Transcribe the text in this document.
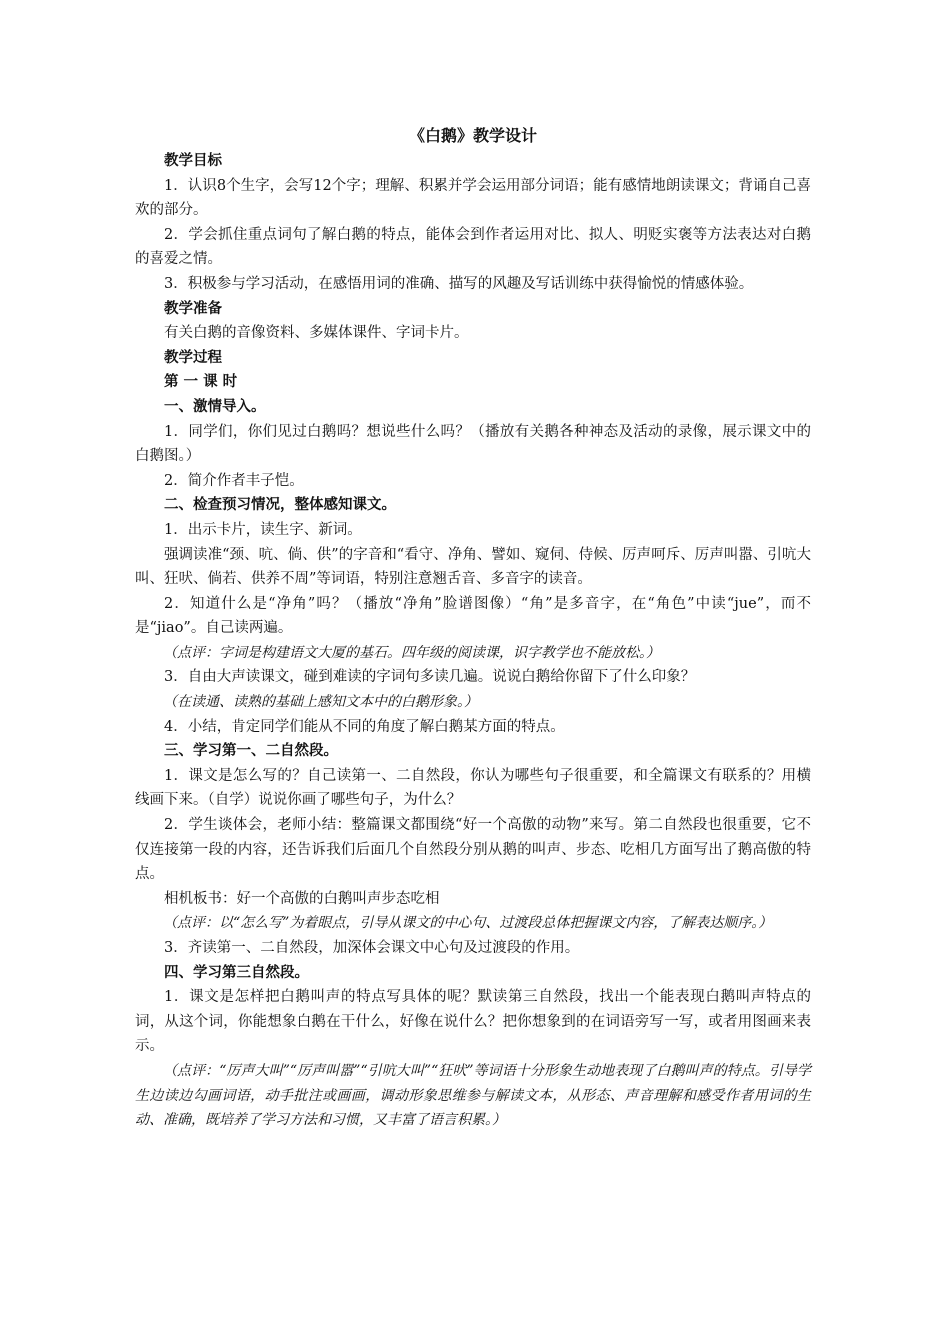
《白鹅》教学设计
教学目标
1．认识8个生字，会写12个字；理解、积累并学会运用部分词语；能有感情地朗读课文；背诵自己喜欢的部分。
2．学会抓住重点词句了解白鹅的特点，能体会到作者运用对比、拟人、明贬实褒等方法表达对白鹅的喜爱之情。
3．积极参与学习活动，在感悟用词的准确、描写的风趣及写话训练中获得愉悦的情感体验。
教学准备
有关白鹅的音像资料、多媒体课件、字词卡片。
教学过程
第 一 课 时
一、激情导入。
1．同学们，你们见过白鹅吗？想说些什么吗？（播放有关鹅各种神态及活动的录像，展示课文中的白鹅图。）
2．简介作者丰子恺。
二、检查预习情况，整体感知课文。
1．出示卡片，读生字、新词。
强调读准“颈、吭、倘、供”的字音和“看守、净角、譬如、窥伺、侍候、厉声呵斥、厉声叫嚣、引吭大叫、狂吠、倘若、供养不周”等词语，特别注意翘舌音、多音字的读音。
2．知道什么是“净角”吗？（播放“净角”脸谱图像）“角”是多音字，在“角色”中读“jue”，而不是“jiao”。自己读两遍。
（点评：字词是构建语文大厦的基石。四年级的阅读课，识字教学也不能放松。）
3．自由大声读课文，碰到难读的字词句多读几遍。说说白鹅给你留下了什么印象？
（在读通、读熟的基础上感知文本中的白鹅形象。）
4．小结，肯定同学们能从不同的角度了解白鹅某方面的特点。
三、学习第一、二自然段。
1．课文是怎么写的？自己读第一、二自然段，你认为哪些句子很重要，和全篇课文有联系的？用横线画下来。（自学）说说你画了哪些句子，为什么？
2．学生谈体会，老师小结：整篇课文都围绕“好一个高傲的动物”来写。第二自然段也很重要，它不仅连接第一段的内容，还告诉我们后面几个自然段分别从鹅的叫声、步态、吃相几方面写出了鹅高傲的特点。
相机板书：好一个高傲的白鹅叫声步态吃相
（点评：以“怎么写”为着眼点，引导从课文的中心句、过渡段总体把握课文内容，了解表达顺序。）
3．齐读第一、二自然段，加深体会课文中心句及过渡段的作用。
四、学习第三自然段。
1．课文是怎样把白鹅叫声的特点写具体的呢？默读第三自然段，找出一个能表现白鹅叫声特点的词，从这个词，你能想象白鹅在干什么，好像在说什么？把你想象到的在词语旁写一写，或者用图画来表示。
（点评：“厉声大叫”“厉声叫嚣”“引吭大叫”“狂吠”等词语十分形象生动地表现了白鹅叫声的特点。引导学生边读边勾画词语，动手批注或画画，调动形象思维参与解读文本，从形态、声音理解和感受作者用词的生动、准确，既培养了学习方法和习惯，又丰富了语言积累。）
